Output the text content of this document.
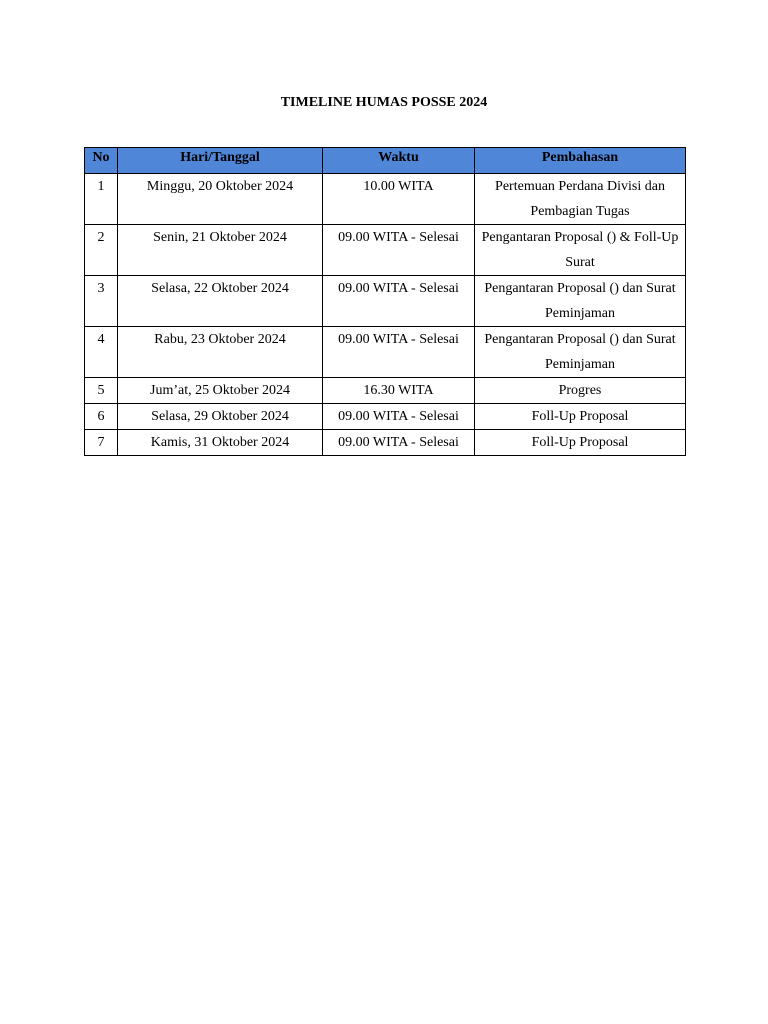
TIMELINE HUMAS POSSE 2024
No	Hari/Tanggal	Waktu	Pembahasan
1	Minggu, 20 Oktober 2024	10.00 WITA	Pertemuan Perdana Divisi dan Pembagian Tugas
2	Senin, 21 Oktober 2024	09.00 WITA - Selesai	Pengantaran Proposal () & Foll-Up Surat
3	Selasa, 22 Oktober 2024	09.00 WITA - Selesai	Pengantaran Proposal () dan Surat Peminjaman
4	Rabu, 23 Oktober 2024	09.00 WITA - Selesai	Pengantaran Proposal () dan Surat Peminjaman
5	Jum’at, 25 Oktober 2024	16.30 WITA	Progres
6	Selasa, 29 Oktober 2024	09.00 WITA - Selesai	Foll-Up Proposal
7	Kamis, 31 Oktober 2024	09.00 WITA - Selesai	Foll-Up Proposal
